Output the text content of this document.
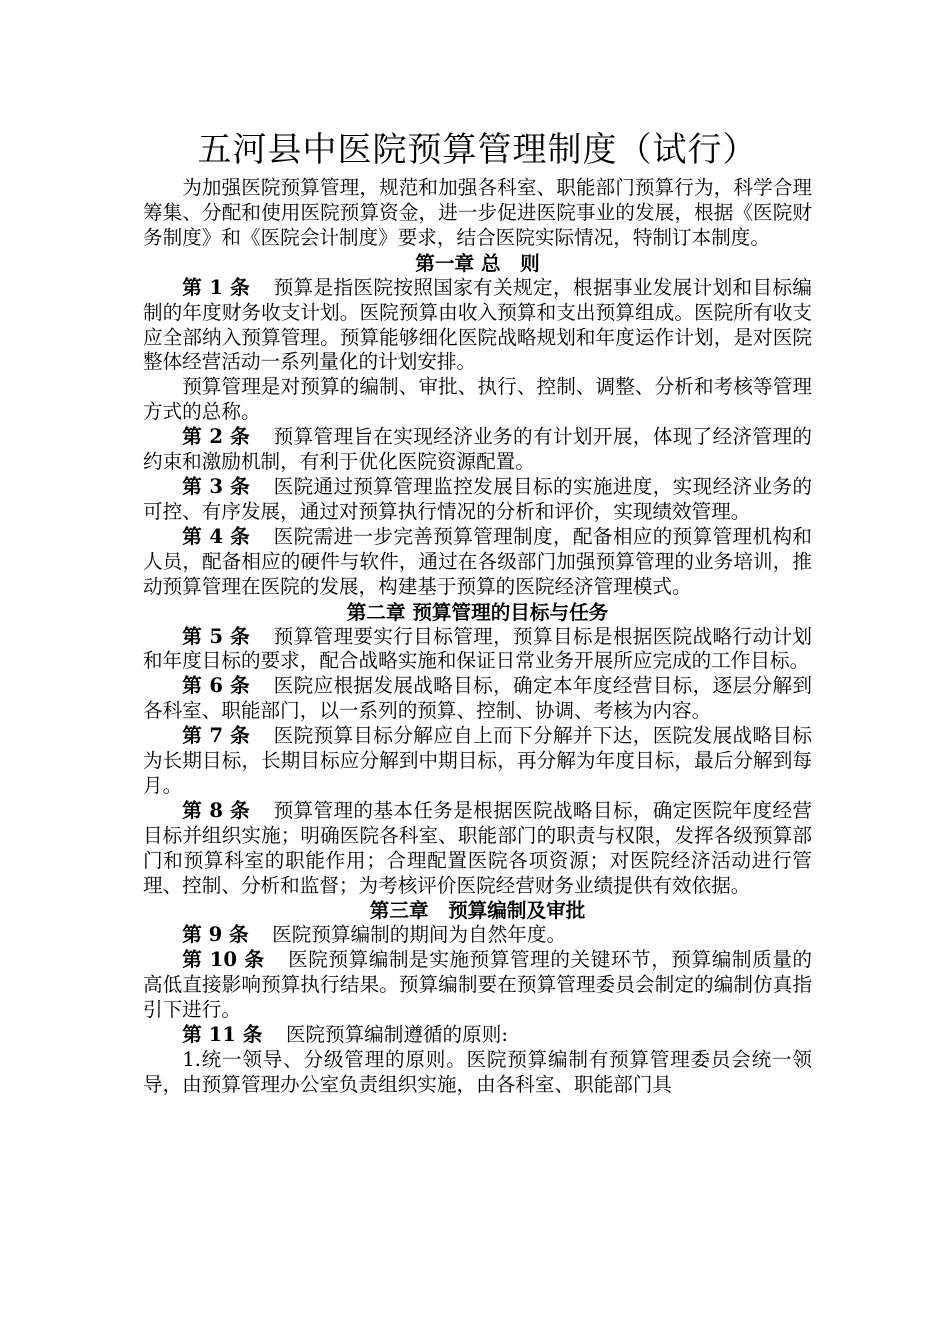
五河县中医院预算管理制度（试行）

为加强医院预算管理，规范和加强各科室、职能部门预算行为，科学合理筹集、分配和使用医院预算资金，进一步促进医院事业的发展，根据《医院财务制度》和《医院会计制度》要求，结合医院实际情况，特制订本制度。

第一章 总　则

第 1 条 预算是指医院按照国家有关规定，根据事业发展计划和目标编制的年度财务收支计划。医院预算由收入预算和支出预算组成。医院所有收支应全部纳入预算管理。预算能够细化医院战略规划和年度运作计划，是对医院整体经营活动一系列量化的计划安排。

预算管理是对预算的编制、审批、执行、控制、调整、分析和考核等管理方式的总称。

第 2 条 预算管理旨在实现经济业务的有计划开展，体现了经济管理的约束和激励机制，有利于优化医院资源配置。

第 3 条 医院通过预算管理监控发展目标的实施进度，实现经济业务的可控、有序发展，通过对预算执行情况的分析和评价，实现绩效管理。

第 4 条 医院需进一步完善预算管理制度，配备相应的预算管理机构和人员，配备相应的硬件与软件，通过在各级部门加强预算管理的业务培训，推动预算管理在医院的发展，构建基于预算的医院经济管理模式。

第二章 预算管理的目标与任务

第 5 条 预算管理要实行目标管理，预算目标是根据医院战略行动计划和年度目标的要求，配合战略实施和保证日常业务开展所应完成的工作目标。

第 6 条 医院应根据发展战略目标，确定本年度经营目标，逐层分解到各科室、职能部门，以一系列的预算、控制、协调、考核为内容。

第 7 条 医院预算目标分解应自上而下分解并下达，医院发展战略目标为长期目标，长期目标应分解到中期目标，再分解为年度目标，最后分解到每月。

第 8 条 预算管理的基本任务是根据医院战略目标，确定医院年度经营目标并组织实施；明确医院各科室、职能部门的职责与权限，发挥各级预算部门和预算科室的职能作用；合理配置医院各项资源；对医院经济活动进行管理、控制、分析和监督；为考核评价医院经营财务业绩提供有效依据。

第三章　预算编制及审批

第 9 条 医院预算编制的期间为自然年度。

第 10 条 医院预算编制是实施预算管理的关键环节，预算编制质量的高低直接影响预算执行结果。预算编制要在预算管理委员会制定的编制仿真指引下进行。

第 11 条 医院预算编制遵循的原则:

1.统一领导、分级管理的原则。医院预算编制有预算管理委员会统一领导，由预算管理办公室负责组织实施，由各科室、职能部门具
